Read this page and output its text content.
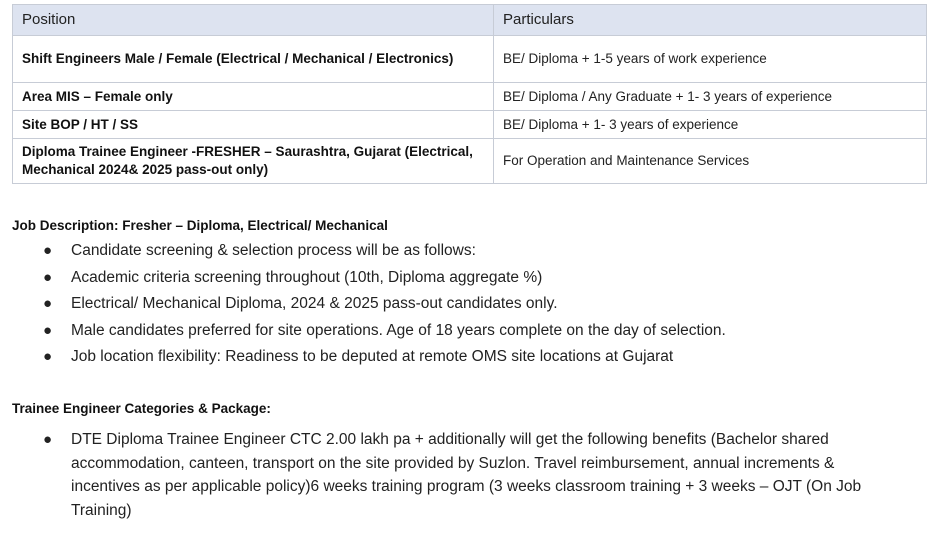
Position	Particulars
Shift Engineers Male / Female (Electrical / Mechanical / Electronics)	BE/ Diploma + 1-5 years of work experience
Area MIS – Female only	BE/ Diploma / Any Graduate + 1- 3 years of experience
Site BOP / HT / SS	BE/ Diploma + 1- 3 years of experience
Diploma Trainee Engineer -FRESHER – Saurashtra, Gujarat (Electrical, Mechanical 2024& 2025 pass-out only)	For Operation and Maintenance Services
Job Description: Fresher – Diploma, Electrical/ Mechanical
● Candidate screening & selection process will be as follows:
● Academic criteria screening throughout (10th, Diploma aggregate %)
● Electrical/ Mechanical Diploma, 2024 & 2025 pass-out candidates only.
● Male candidates preferred for site operations. Age of 18 years complete on the day of selection.
● Job location flexibility: Readiness to be deputed at remote OMS site locations at Gujarat
Trainee Engineer Categories & Package:
● DTE Diploma Trainee Engineer CTC 2.00 lakh pa + additionally will get the following benefits (Bachelor shared accommodation, canteen, transport on the site provided by Suzlon. Travel reimbursement, annual increments & incentives as per applicable policy)6 weeks training program (3 weeks classroom training + 3 weeks – OJT (On Job Training)
